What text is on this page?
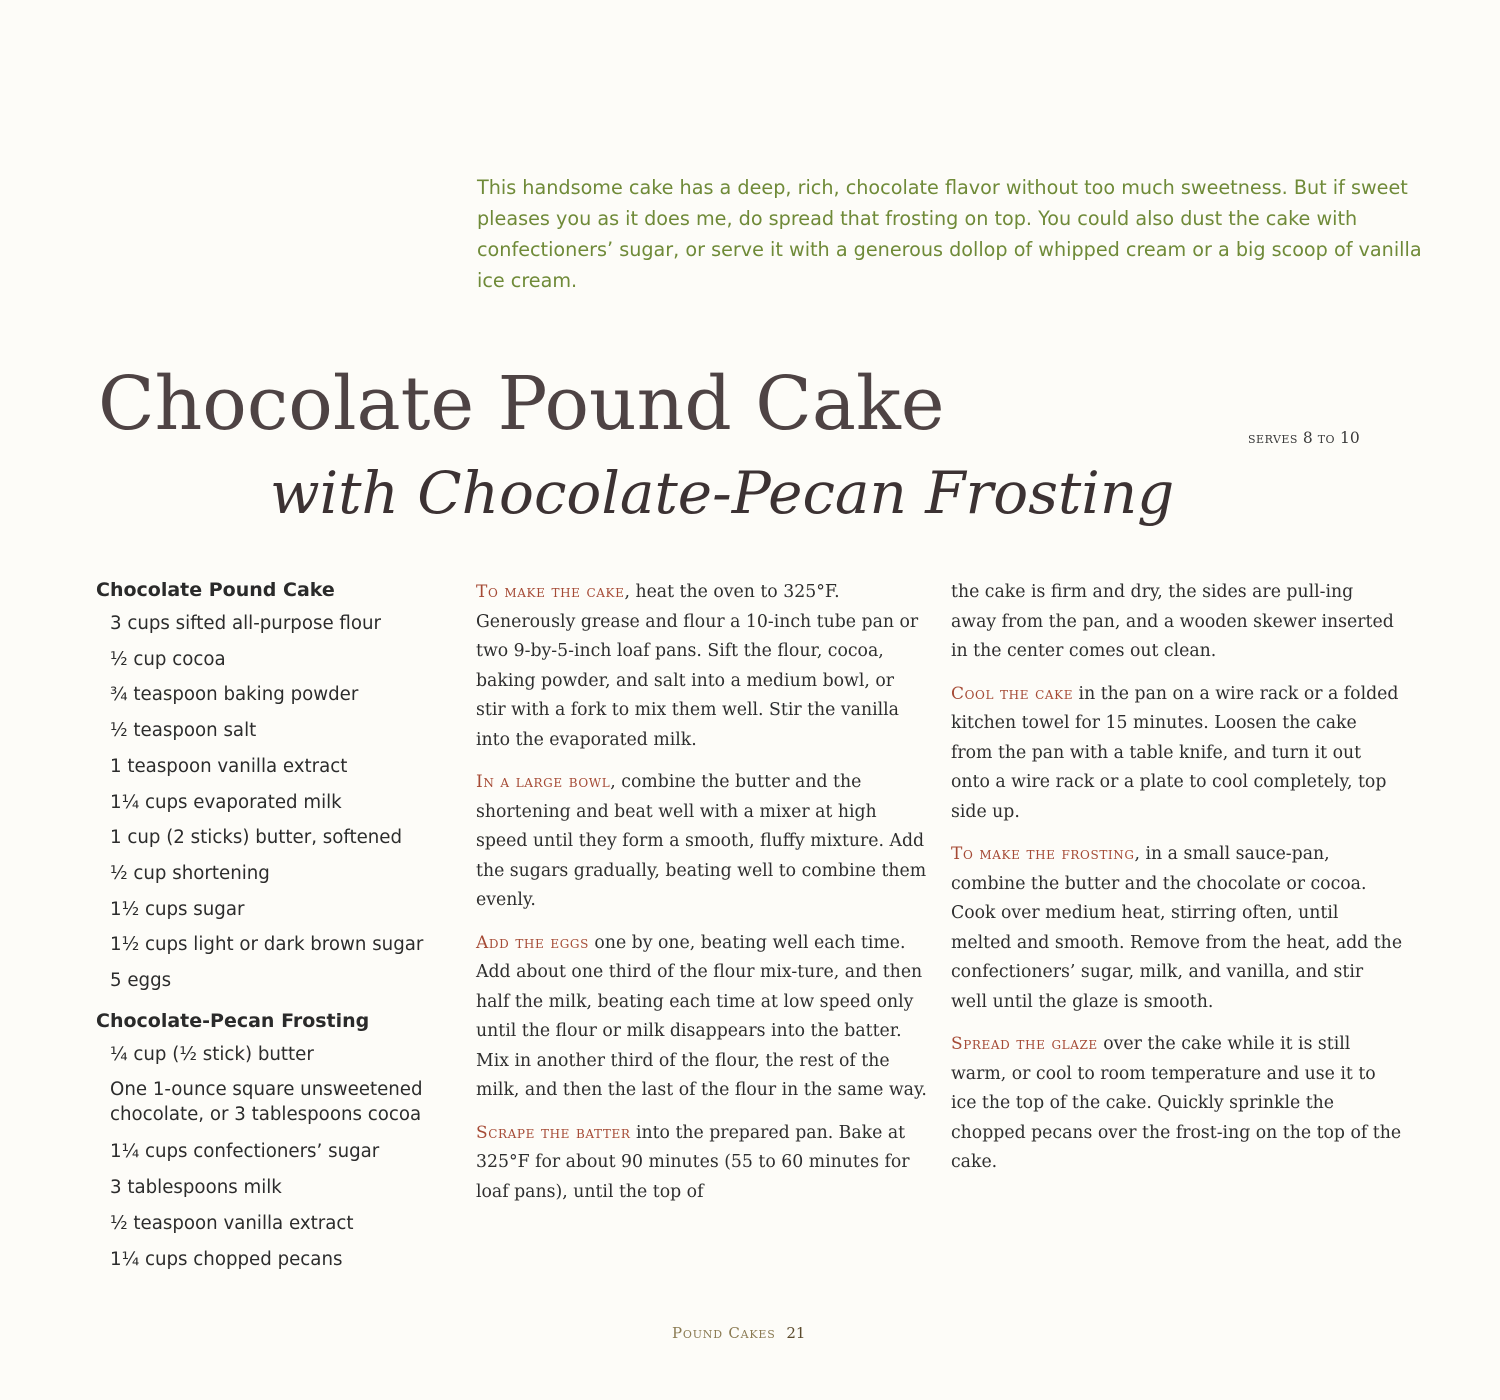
This handsome cake has a deep, rich, chocolate flavor without too much sweetness. But if sweet pleases you as it does me, do spread that frosting on top. You could also dust the cake with confectioners’ sugar, or serve it with a generous dollop of whipped cream or a big scoop of vanilla ice cream.

Chocolate Pound Cake
with Chocolate-Pecan Frosting
serves 8 to 10
Chocolate Pound Cake
3 cups sifted all-purpose flour
½ cup cocoa
¾ teaspoon baking powder
½ teaspoon salt
1 teaspoon vanilla extract
1¼ cups evaporated milk
1 cup (2 sticks) butter, softened
½ cup shortening
1½ cups sugar
1½ cups light or dark brown sugar
5 eggs
Chocolate-Pecan Frosting
¼ cup (½ stick) butter
One 1-ounce square unsweetened chocolate, or 3 tablespoons cocoa
1¼ cups confectioners’ sugar
3 tablespoons milk
½ teaspoon vanilla extract
1¼ cups chopped pecans

To make the cake, heat the oven to 325°F. Generously grease and flour a 10-inch tube pan or two 9-by-5-inch loaf pans. Sift the flour, cocoa, baking powder, and salt into a medium bowl, or stir with a fork to mix them well. Stir the vanilla into the evaporated milk.

In a large bowl, combine the butter and the shortening and beat well with a mixer at high speed until they form a smooth, fluffy mixture. Add the sugars gradually, beating well to combine them evenly.

Add the eggs one by one, beating well each time. Add about one third of the flour mix-ture, and then half the milk, beating each time at low speed only until the flour or milk disappears into the batter. Mix in another third of the flour, the rest of the milk, and then the last of the flour in the same way.

Scrape the batter into the prepared pan. Bake at 325°F for about 90 minutes (55 to 60 minutes for loaf pans), until the top of

the cake is firm and dry, the sides are pull-ing away from the pan, and a wooden skewer inserted in the center comes out clean.

Cool the cake in the pan on a wire rack or a folded kitchen towel for 15 minutes. Loosen the cake from the pan with a table knife, and turn it out onto a wire rack or a plate to cool completely, top side up.

To make the frosting, in a small sauce-pan, combine the butter and the chocolate or cocoa. Cook over medium heat, stirring often, until melted and smooth. Remove from the heat, add the confectioners’ sugar, milk, and vanilla, and stir well until the glaze is smooth.

Spread the glaze over the cake while it is still warm, or cool to room temperature and use it to ice the top of the cake. Quickly sprinkle the chopped pecans over the frost-ing on the top of the cake.

Pound Cakes 21
